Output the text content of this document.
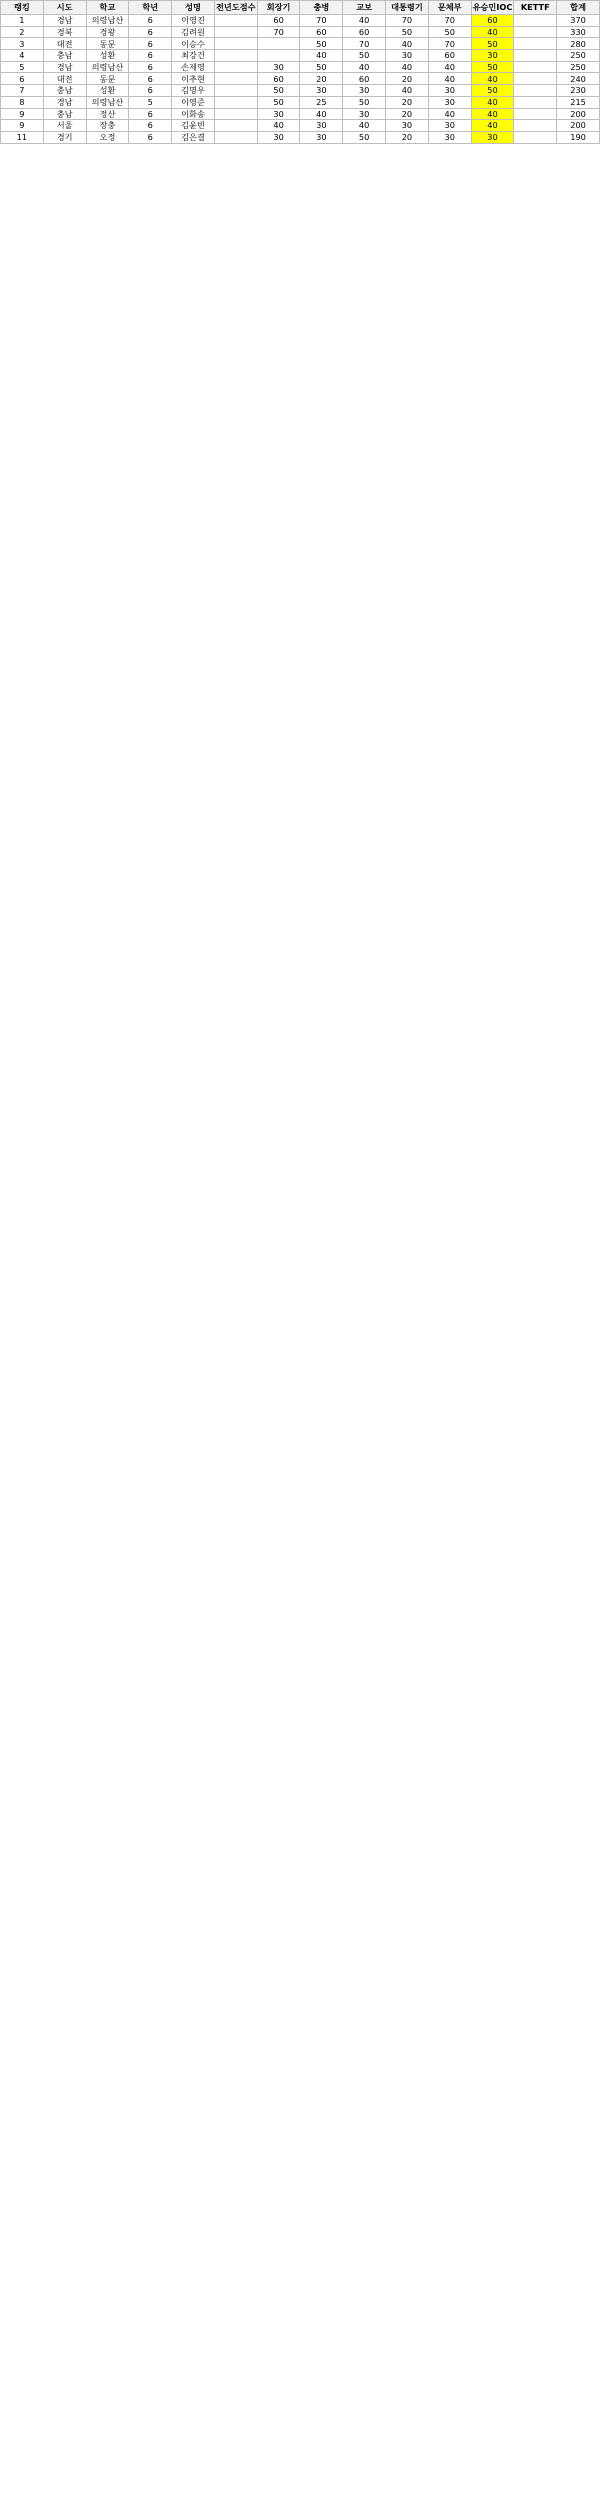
랭킹	시도	학교	학년	성명	전년도점수	회장기	충병	교보	대통령기	문체부	유승민IOC	KETTF	합계
1	경남	의령남산	6	이영진		60	70	40	70	70	60		370
2	경북	경왕	6	김려원		70	60	60	50	50	40		330
3	대전	동문	6	이승수			50	70	40	70	50		280
4	충남	성환	6	최강건			40	50	30	60	30		250
5	경남	의령남산	6	손제영		30	50	40	40	40	50		250
6	대전	동문	6	이추현		60	20	60	20	40	40		240
7	충남	성환	6	김명우		50	30	30	40	30	50		230
8	경남	의령남산	5	이영준		50	25	50	20	30	40		215
9	충남	정산	6	이화송		30	40	30	20	40	40		200
9	서울	장충	6	김윤빈		40	30	40	30	30	40		200
11	경기	오정	6	김은결		30	30	50	20	30	30		190
